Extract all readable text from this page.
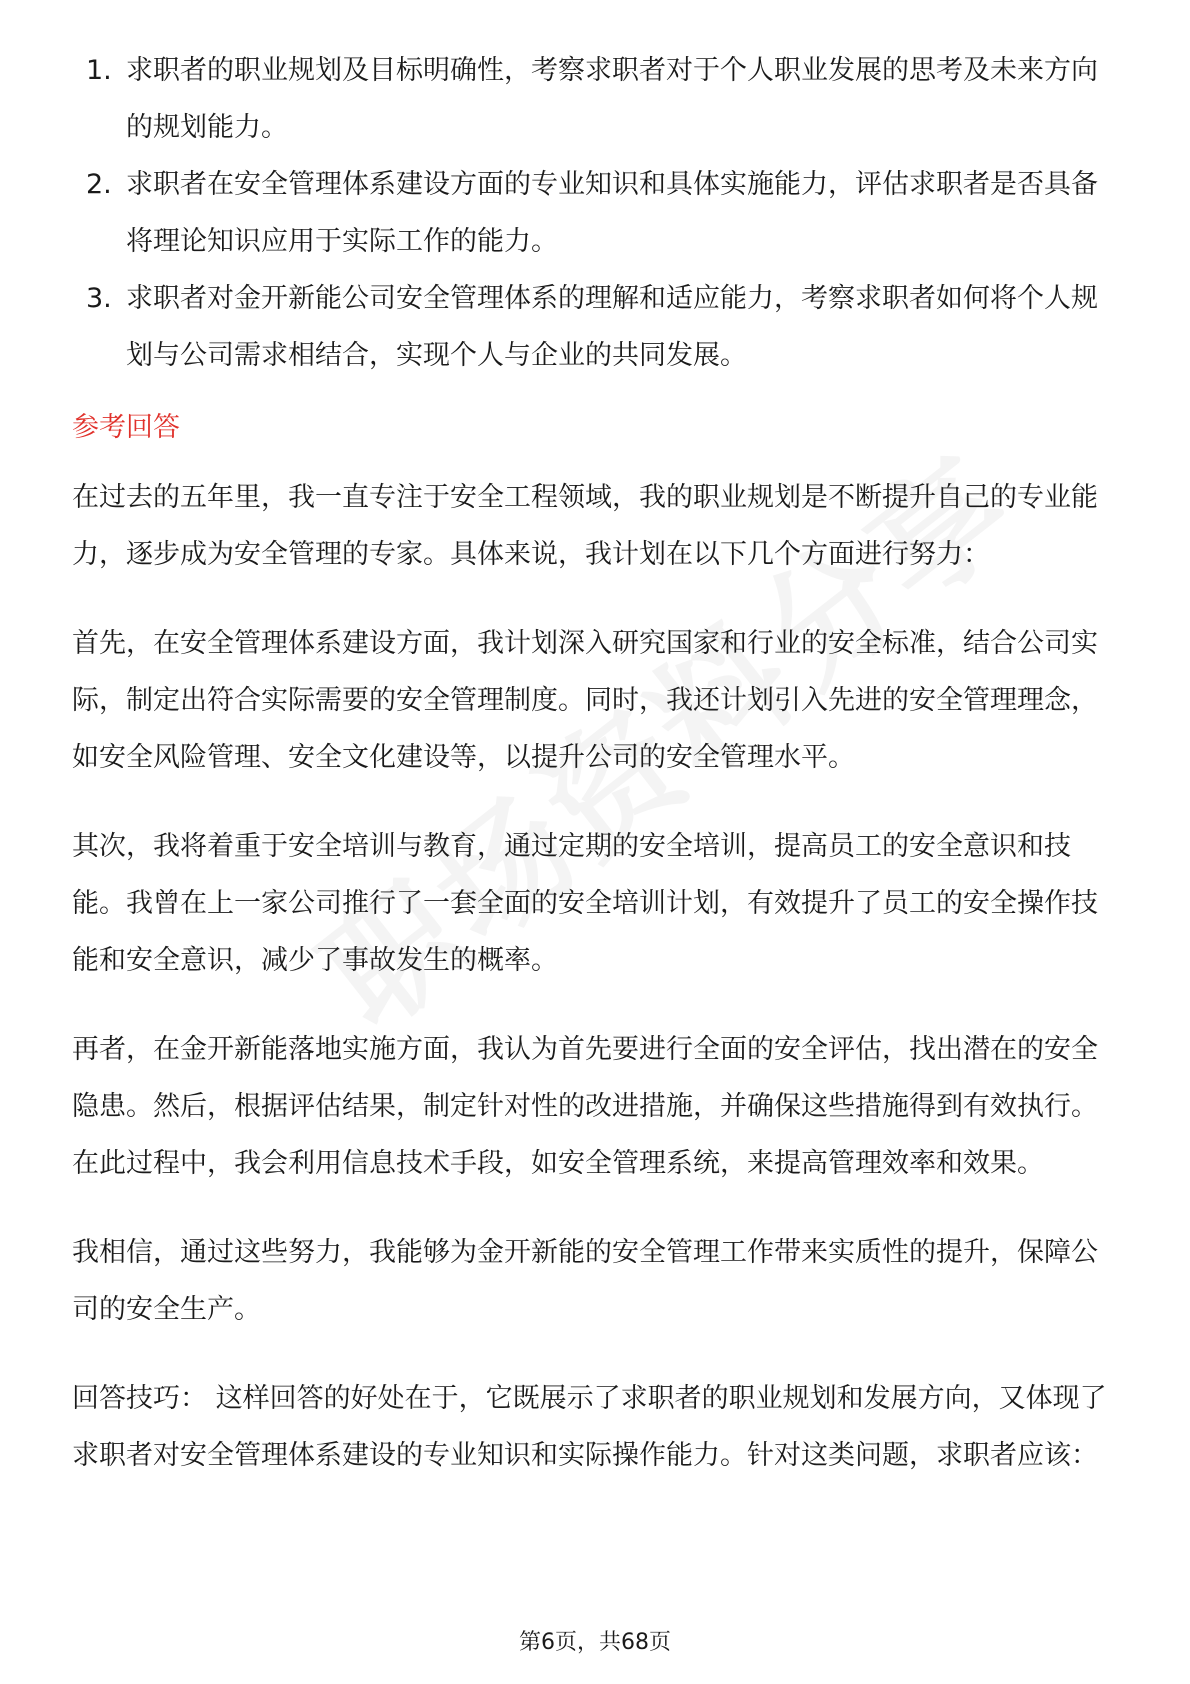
1. 求职者的职业规划及目标明确性，考察求职者对于个人职业发展的思考及未来方向的规划能力。
2. 求职者在安全管理体系建设方面的专业知识和具体实施能力，评估求职者是否具备将理论知识应用于实际工作的能力。
3. 求职者对金开新能公司安全管理体系的理解和适应能力，考察求职者如何将个人规划与公司需求相结合，实现个人与企业的共同发展。
参考回答

在过去的五年里，我一直专注于安全工程领域，我的职业规划是不断提升自己的专业能力，逐步成为安全管理的专家。具体来说，我计划在以下几个方面进行努力：

首先，在安全管理体系建设方面，我计划深入研究国家和行业的安全标准，结合公司实际，制定出符合实际需要的安全管理制度。同时，我还计划引入先进的安全管理理念，如安全风险管理、安全文化建设等，以提升公司的安全管理水平。

其次，我将着重于安全培训与教育，通过定期的安全培训，提高员工的安全意识和技能。我曾在上一家公司推行了一套全面的安全培训计划，有效提升了员工的安全操作技能和安全意识，减少了事故发生的概率。

再者，在金开新能落地实施方面，我认为首先要进行全面的安全评估，找出潜在的安全隐患。然后，根据评估结果，制定针对性的改进措施，并确保这些措施得到有效执行。在此过程中，我会利用信息技术手段，如安全管理系统，来提高管理效率和效果。

我相信，通过这些努力，我能够为金开新能的安全管理工作带来实质性的提升，保障公司的安全生产。

回答技巧： 这样回答的好处在于，它既展示了求职者的职业规划和发展方向，又体现了求职者对安全管理体系建设的专业知识和实际操作能力。针对这类问题，求职者应该：

第6页，共68页
